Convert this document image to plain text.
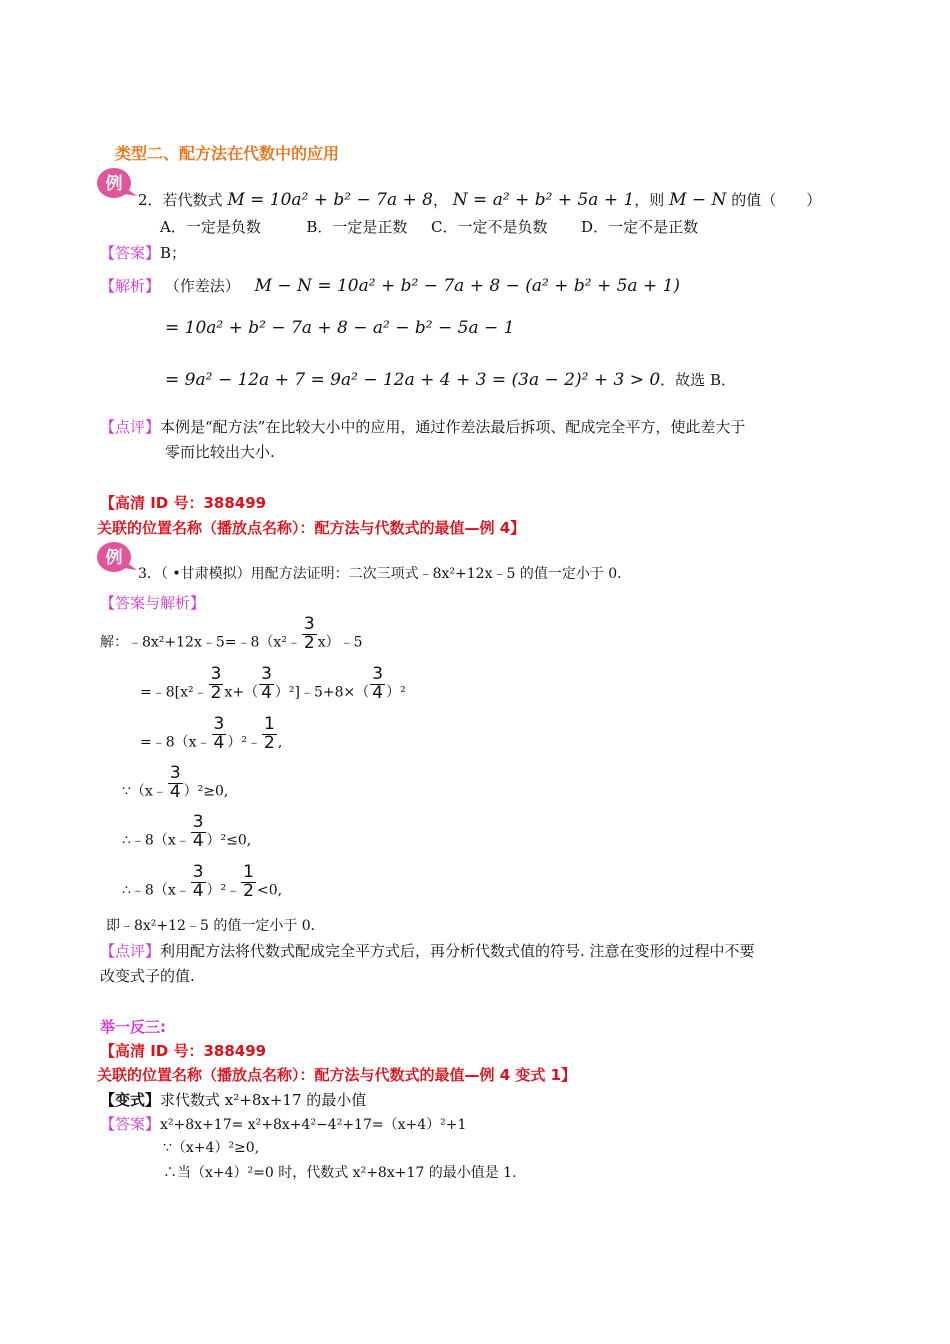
类型二、配方法在代数中的应用
例
2．若代数式 M = 10a² + b² − 7a + 8， N = a² + b² + 5a + 1，则 M − N 的值（　　）
A．一定是负数	B．一定是正数 C．一定不是负数 D．一定不是正数
【答案】B；
【解析】 （作差法） M − N = 10a² + b² − 7a + 8 − (a² + b² + 5a + 1)
= 10a² + b² − 7a + 8 − a² − b² − 5a − 1
= 9a² − 12a + 7 = 9a² − 12a + 4 + 3 = (3a − 2)² + 3 > 0．故选 B．
【点评】本例是“配方法”在比较大小中的应用，通过作差法最后拆项、配成完全平方，使此差大于
零而比较出大小.
【高清 ID 号：388499
关联的位置名称（播放点名称）：配方法与代数式的最值—例 4】
例
3．（ •甘肃模拟）用配方法证明：二次三项式﹣8x²+12x﹣5 的值一定小于 0．
【答案与解析】
解：﹣8x²+12x﹣5=﹣8（x²﹣ $\frac{3}{2}$ x）﹣5
=﹣8[x²﹣ $\frac{3}{2} x+( \frac{3}{4}$ ）²]﹣5+8×（ $\frac{3}{4} )^2$
=﹣8（x﹣ $\frac{3}{4}$ ）²﹣ $\frac{1}{2}$ ,
∵（x﹣ $\frac{3}{4} )^2\ge 0$,
∴﹣8（x﹣ $\frac{3}{4} )^2\le 0$,
∴﹣8（x﹣ $\frac{3}{4}$ ）²﹣ $\frac{1}{2} <0$,
即﹣8x²+12﹣5 的值一定小于 0．
【点评】利用配方法将代数式配成完全平方式后，再分析代数式值的符号. 注意在变形的过程中不要
改变式子的值.
举一反三:
【高清 ID 号：388499
关联的位置名称（播放点名称）：配方法与代数式的最值—例 4 变式 1】
【变式】求代数式 x²+8x+17 的最小值
【答案】x²+8x+17= x²+8x+4²−4²+17=（x+4）²+1
∵（x+4）²≥0,
∴当（x+4）²=0 时，代数式 x²+8x+17 的最小值是 1.
